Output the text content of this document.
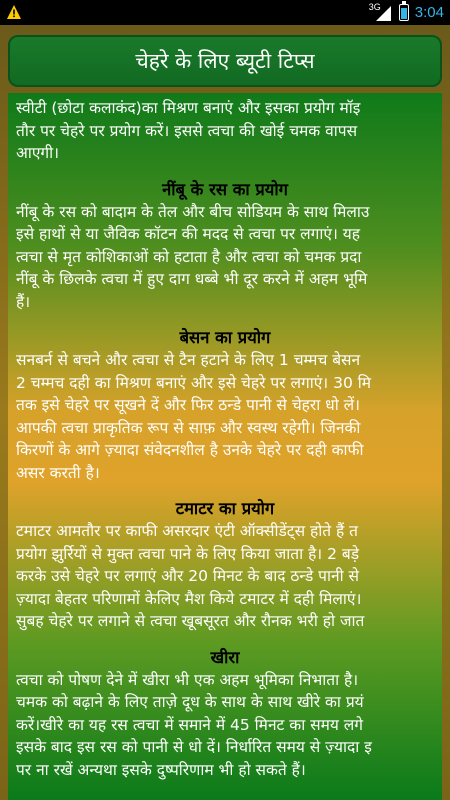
3G 3:04
चेहरे के लिए ब्यूटी टिप्स

स्वीटी (छोटा कलाकंद)का मिश्रण बनाएं और इसका प्रयोग मॉइ

तौर पर चेहरे पर प्रयोग करें। इससे त्वचा की खोई चमक वापस

आएगी।

नींबू के रस का प्रयोग

नींबू के रस को बादाम के तेल और बीच सोडियम के साथ मिलाउ

इसे हाथों से या जैविक कॉटन की मदद से त्वचा पर लगाएं। यह

त्वचा से मृत कोशिकाओं को हटाता है और त्वचा को चमक प्रदा

नींबू के छिलके त्वचा में हुए दाग धब्बे भी दूर करने में अहम भूमि

हैं।

बेसन का प्रयोग

सनबर्न से बचने और त्वचा से टैन हटाने के लिए 1 चम्मच बेसन

2 चम्मच दही का मिश्रण बनाएं और इसे चेहरे पर लगाएं। 30 मि

तक इसे चेहरे पर सूखने दें और फिर ठन्डे पानी से चेहरा धो लें।

आपकी त्वचा प्राकृतिक रूप से साफ़ और स्वस्थ रहेगी। जिनकी

किरणों के आगे ज़्यादा संवेदनशील है उनके चेहरे पर दही काफी

असर करती है।

टमाटर का प्रयोग

टमाटर आमतौर पर काफी असरदार एंटी ऑक्सीडेंट्स होते हैं त

प्रयोग झुर्रियों से मुक्त त्वचा पाने के लिए किया जाता है। 2 बड़े

करके उसे चेहरे पर लगाएं और 20 मिनट के बाद ठन्डे पानी से

ज़्यादा बेहतर परिणामों केलिए मैश किये टमाटर में दही मिलाएं।

सुबह चेहरे पर लगाने से त्वचा खूबसूरत और रौनक भरी हो जात

खीरा

त्वचा को पोषण देने में खीरा भी एक अहम भूमिका निभाता है।

चमक को बढ़ाने के लिए ताज़े दूध के साथ के साथ खीरे का प्रयं

करें।खीरे का यह रस त्वचा में समाने में 45 मिनट का समय लगे

इसके बाद इस रस को पानी से धो दें। निर्धारित समय से ज़्यादा इ

पर ना रखें अन्यथा इसके दुष्परिणाम भी हो सकते हैं।
